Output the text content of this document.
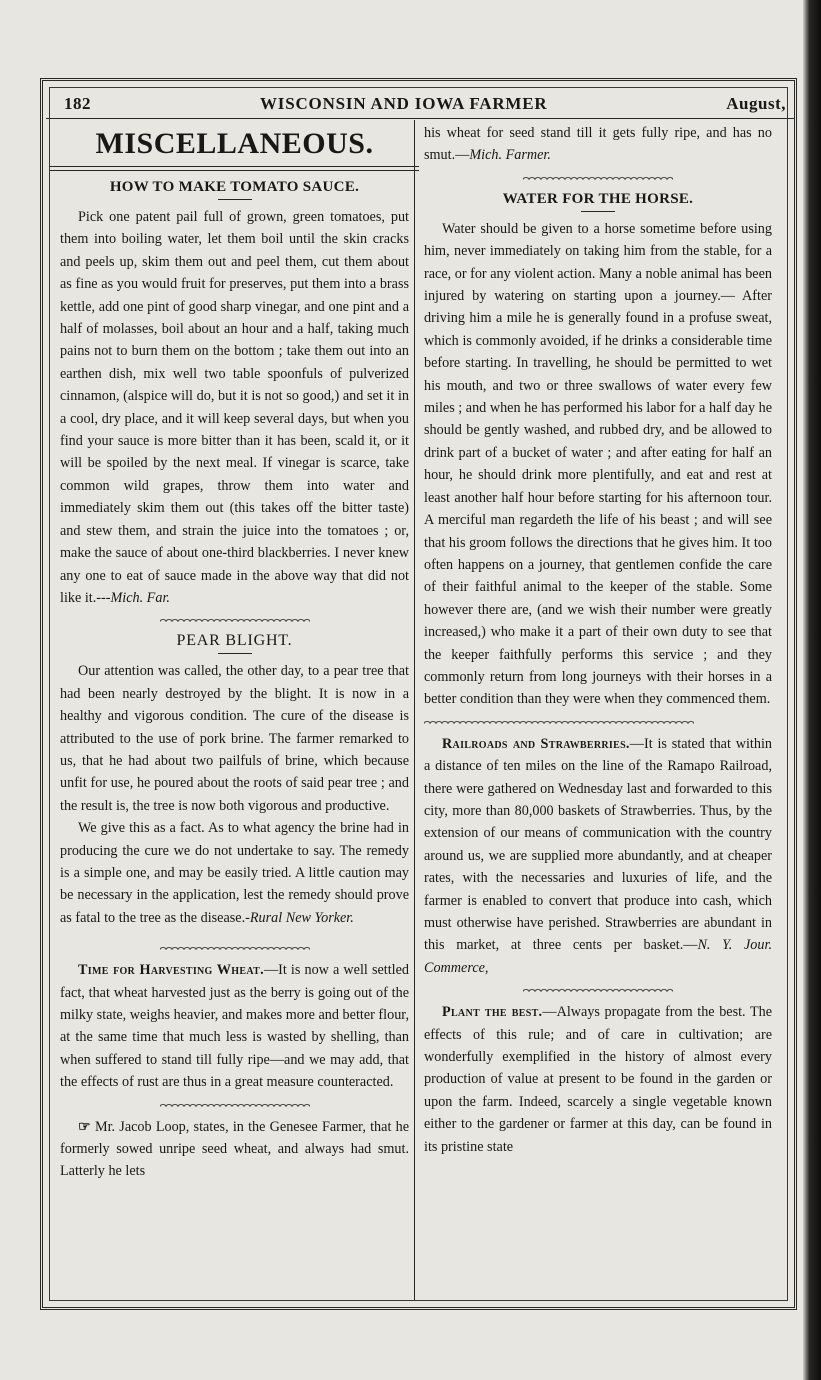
182	WISCONSIN AND IOWA FARMER	August,
MISCELLANEOUS.
HOW TO MAKE TOMATO SAUCE.

Pick one patent pail full of grown, green tomatoes, put them into boiling water, let them boil until the skin cracks and peels up, skim them out and peel them, cut them about as fine as you would fruit for preserves, put them into a brass kettle, add one pint of good sharp vinegar, and one pint and a half of molasses, boil about an hour and a half, taking much pains not to burn them on the bottom ; take them out into an earthen dish, mix well two table spoonfuls of pulverized cinnamon, (alspice will do, but it is not so good,) and set it in a cool, dry place, and it will keep several days, but when you find your sauce is more bitter than it has been, scald it, or it will be spoiled by the next meal. If vinegar is scarce, take common wild grapes, throw them into water and immediately skim them out (this takes off the bitter taste) and stew them, and strain the juice into the tomatoes ; or, make the sauce of about one-third blackberries. I never knew any one to eat of sauce made in the above way that did not like it.---Mich. Far.

PEAR BLIGHT.

Our attention was called, the other day, to a pear tree that had been nearly destroyed by the blight. It is now in a healthy and vigorous condition. The cure of the disease is attributed to the use of pork brine. The farmer remarked to us, that he had about two pailfuls of brine, which because unfit for use, he poured about the roots of said pear tree ; and the result is, the tree is now both vigorous and productive.

We give this as a fact. As to what agency the brine had in producing the cure we do not undertake to say. The remedy is a simple one, and may be easily tried. A little caution may be necessary in the application, lest the remedy should prove as fatal to the tree as the disease.-Rural New Yorker.

Time for Harvesting Wheat.—It is now a well settled fact, that wheat harvested just as the berry is going out of the milky state, weighs heavier, and makes more and better flour, at the same time that much less is wasted by shelling, than when suffered to stand till fully ripe—and we may add, that the effects of rust are thus in a great measure counteracted.

☞ Mr. Jacob Loop, states, in the Genesee Farmer, that he formerly sowed unripe seed wheat, and always had smut. Latterly he lets

his wheat for seed stand till it gets fully ripe, and has no smut.—Mich. Farmer.

WATER FOR THE HORSE.

Water should be given to a horse sometime before using him, never immediately on taking him from the stable, for a race, or for any violent action. Many a noble animal has been injured by watering on starting upon a journey.— After driving him a mile he is generally found in a profuse sweat, which is commonly avoided, if he drinks a considerable time before starting. In travelling, he should be permitted to wet his mouth, and two or three swallows of water every few miles ; and when he has performed his labor for a half day he should be gently washed, and rubbed dry, and be allowed to drink part of a bucket of water ; and after eating for half an hour, he should drink more plentifully, and eat and rest at least another half hour before starting for his afternoon tour. A merciful man regardeth the life of his beast ; and will see that his groom follows the directions that he gives him. It too often happens on a journey, that gentlemen confide the care of their faithful animal to the keeper of the stable. Some however there are, (and we wish their number were greatly increased,) who make it a part of their own duty to see that the keeper faithfully performs this service ; and they commonly return from long journeys with their horses in a better condition than they were when they commenced them.

Railroads and Strawberries.—It is stated that within a distance of ten miles on the line of the Ramapo Railroad, there were gathered on Wednesday last and forwarded to this city, more than 80,000 baskets of Strawberries. Thus, by the extension of our means of communication with the country around us, we are supplied more abundantly, and at cheaper rates, with the necessaries and luxuries of life, and the farmer is enabled to convert that produce into cash, which must otherwise have perished. Strawberries are abundant in this market, at three cents per basket.—N. Y. Jour. Commerce,

Plant the best.—Always propagate from the best. The effects of this rule; and of care in cultivation; are wonderfully exemplified in the history of almost every production of value at present to be found in the garden or upon the farm. Indeed, scarcely a single vegetable known either to the gardener or farmer at this day, can be found in its pristine state
